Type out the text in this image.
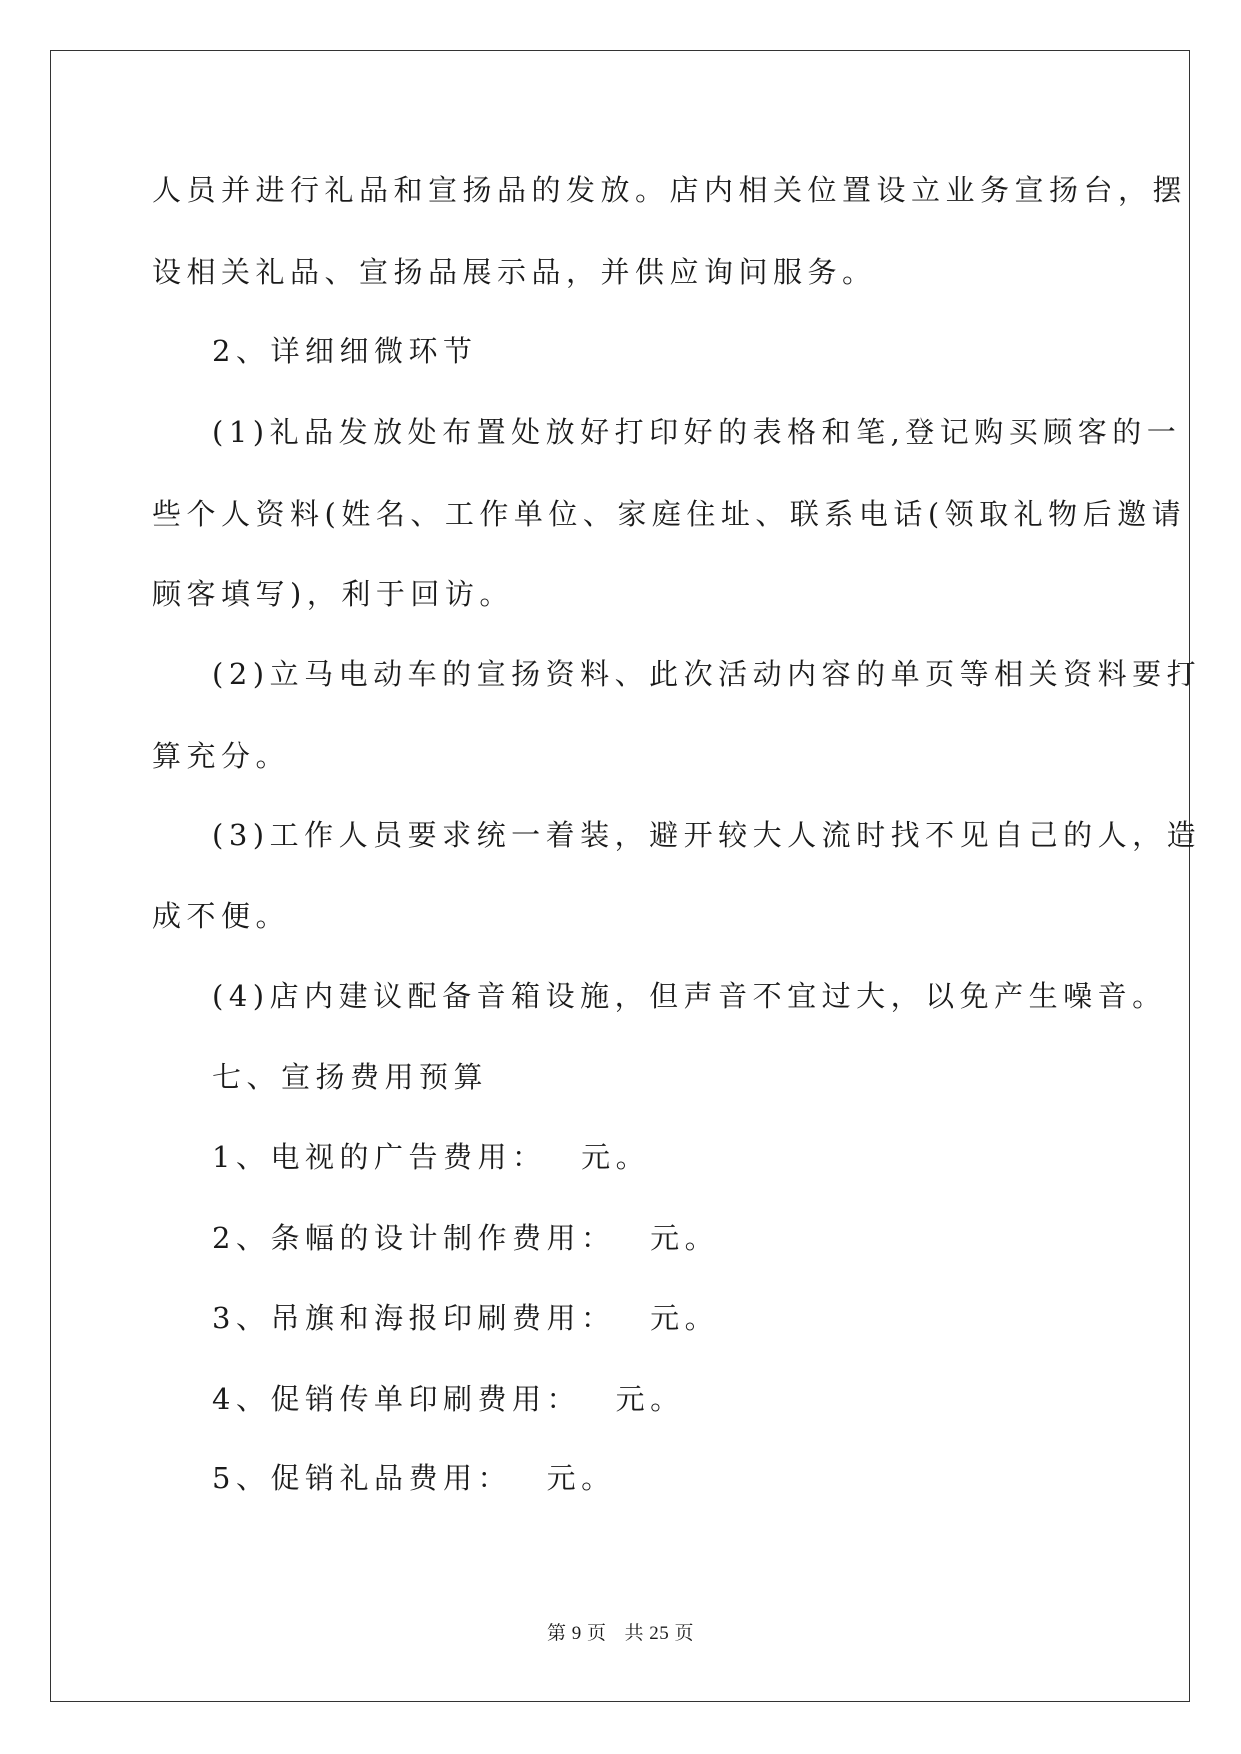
人员并进行礼品和宣扬品的发放。店内相关位置设立业务宣扬台，摆
设相关礼品、宣扬品展示品，并供应询问服务。
2、详细细微环节
(1)礼品发放处布置处放好打印好的表格和笔,登记购买顾客的一
些个人资料(姓名、工作单位、家庭住址、联系电话(领取礼物后邀请
顾客填写)，利于回访。
(2)立马电动车的宣扬资料、此次活动内容的单页等相关资料要打
算充分。
(3)工作人员要求统一着装，避开较大人流时找不见自己的人，造
成不便。
(4)店内建议配备音箱设施，但声音不宜过大，以免产生噪音。
七、宣扬费用预算
1、电视的广告费用：　 元。
2、条幅的设计制作费用：　 元。
3、吊旗和海报印刷费用：　 元。
4、促销传单印刷费用：　 元。
5、促销礼品费用：　 元。
第 9 页 共 25 页
